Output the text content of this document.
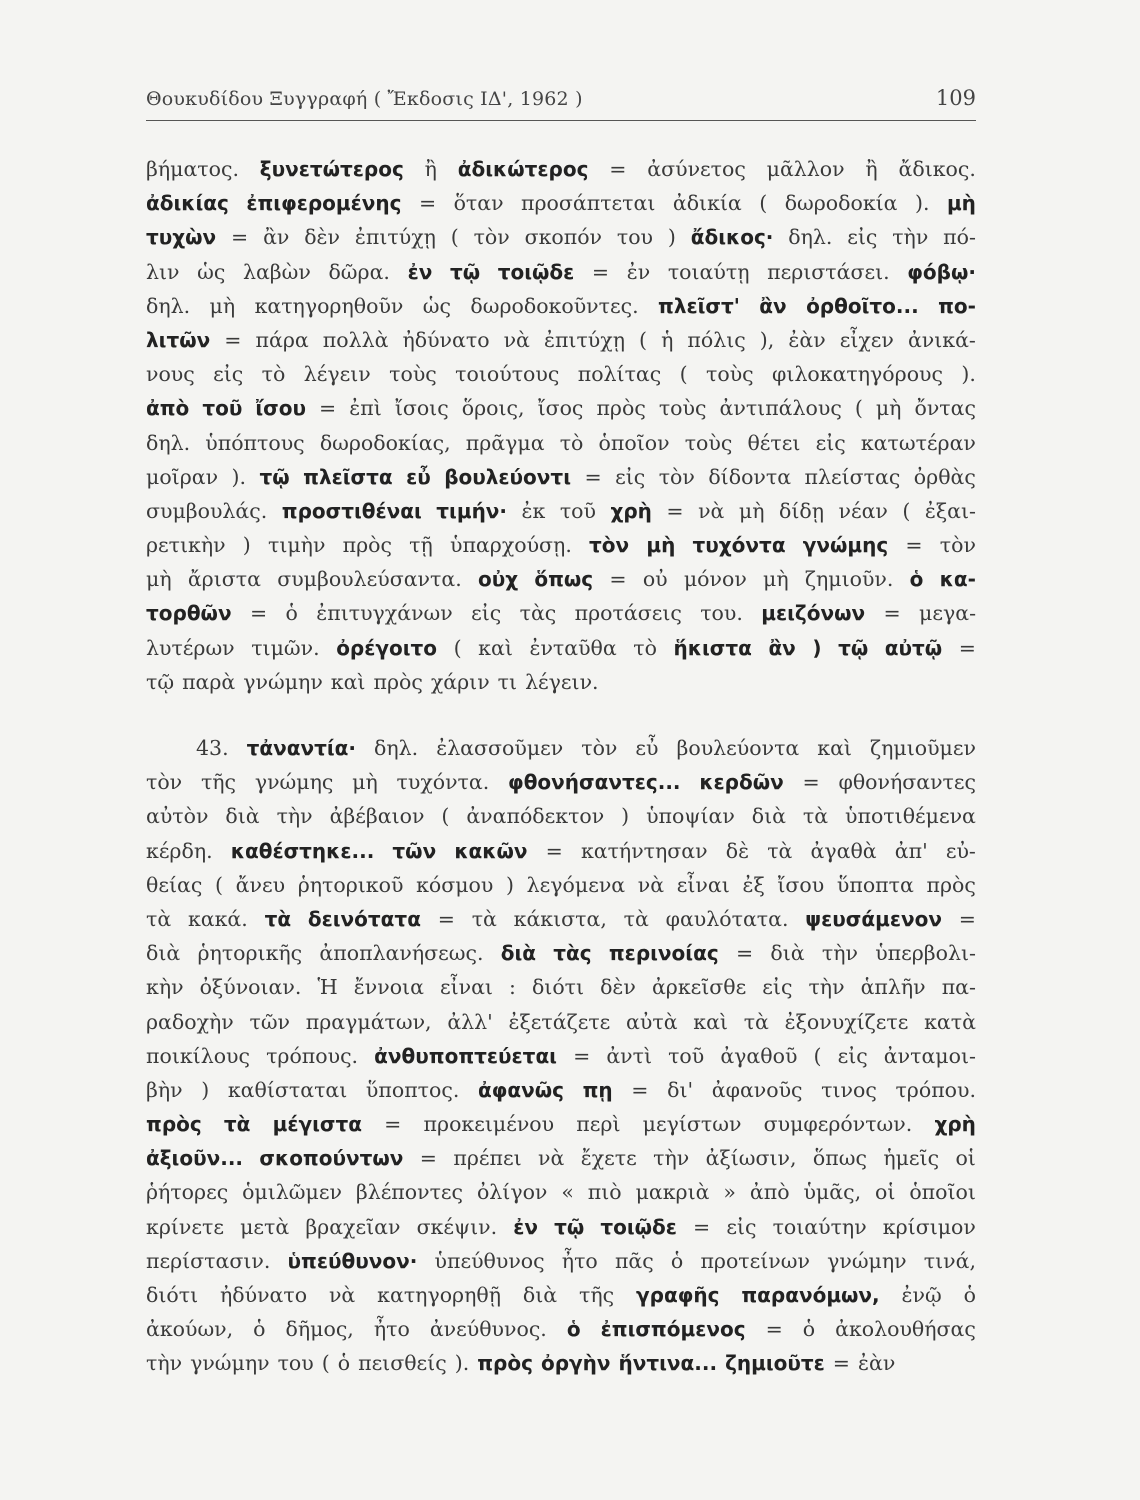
Θουκυδίδου Ξυγγραφή ( Ἔκδοσις ΙΔ', 1962 )	109
βήματος. ξυνετώτερος ἢ ἀδικώτερος = ἀσύνετος μᾶλλον ἢ ἄδικος.
ἀδικίας ἐπιφερομένης = ὅταν προσάπτεται ἀδικία ( δωροδοκία ). μὴ
τυχὼν = ἂν δὲν ἐπιτύχῃ ( τὸν σκοπόν του ) ἄδικος· δηλ. εἰς τὴν πό-
λιν ὡς λαβὼν δῶρα. ἐν τῷ τοιῷδε = ἐν τοιαύτῃ περιστάσει. φόβῳ·
δηλ. μὴ κατηγορηθοῦν ὡς δωροδοκοῦντες. πλεῖστ' ἂν ὀρθοῖτο... πο-
λιτῶν = πάρα πολλὰ ἠδύνατο νὰ ἐπιτύχῃ ( ἡ πόλις ), ἐὰν εἶχεν ἀνικά-
νους εἰς τὸ λέγειν τοὺς τοιούτους πολίτας ( τοὺς φιλοκατηγόρους ).
ἀπὸ τοῦ ἴσου = ἐπὶ ἴσοις ὅροις, ἴσος πρὸς τοὺς ἀντιπάλους ( μὴ ὄντας
δηλ. ὑπόπτους δωροδοκίας, πρᾶγμα τὸ ὁποῖον τοὺς θέτει εἰς κατωτέραν
μοῖραν ). τῷ πλεῖστα εὖ βουλεύοντι = εἰς τὸν δίδοντα πλείστας ὀρθὰς
συμβουλάς. προστιθέναι τιμήν· ἐκ τοῦ χρὴ = νὰ μὴ δίδῃ νέαν ( ἐξαι-
ρετικὴν ) τιμὴν πρὸς τῇ ὑπαρχούσῃ. τὸν μὴ τυχόντα γνώμης = τὸν
μὴ ἄριστα συμβουλεύσαντα. οὐχ ὅπως = οὐ μόνον μὴ ζημιοῦν. ὁ κα-
τορθῶν = ὁ ἐπιτυγχάνων εἰς τὰς προτάσεις του. μειζόνων = μεγα-
λυτέρων τιμῶν. ὀρέγοιτο ( καὶ ἐνταῦθα τὸ ἥκιστα ἂν ) τῷ αὐτῷ =
τῷ παρὰ γνώμην καὶ πρὸς χάριν τι λέγειν.
43. τἀναντία· δηλ. ἐλασσοῦμεν τὸν εὖ βουλεύοντα καὶ ζημιοῦμεν
τὸν τῆς γνώμης μὴ τυχόντα. φθονήσαντες... κερδῶν = φθονήσαντες
αὐτὸν διὰ τὴν ἀβέβαιον ( ἀναπόδεκτον ) ὑποψίαν διὰ τὰ ὑποτιθέμενα
κέρδη. καθέστηκε... τῶν κακῶν = κατήντησαν δὲ τὰ ἀγαθὰ ἀπ' εὐ-
θείας ( ἄνευ ῥητορικοῦ κόσμου ) λεγόμενα νὰ εἶναι ἐξ ἴσου ὕποπτα πρὸς
τὰ κακά. τὰ δεινότατα = τὰ κάκιστα, τὰ φαυλότατα. ψευσάμενον =
διὰ ῥητορικῆς ἀποπλανήσεως. διὰ τὰς περινοίας = διὰ τὴν ὑπερβολι-
κὴν ὀξύνοιαν. Ἡ ἔννοια εἶναι : διότι δὲν ἀρκεῖσθε εἰς τὴν ἁπλῆν πα-
ραδοχὴν τῶν πραγμάτων, ἀλλ' ἐξετάζετε αὐτὰ καὶ τὰ ἐξονυχίζετε κατὰ
ποικίλους τρόπους. ἀνθυποπτεύεται = ἀντὶ τοῦ ἀγαθοῦ ( εἰς ἀνταμοι-
βὴν ) καθίσταται ὕποπτος. ἀφανῶς πῃ = δι' ἀφανοῦς τινος τρόπου.
πρὸς τὰ μέγιστα = προκειμένου περὶ μεγίστων συμφερόντων. χρὴ
ἀξιοῦν... σκοπούντων = πρέπει νὰ ἔχετε τὴν ἀξίωσιν, ὅπως ἡμεῖς οἱ
ῥήτορες ὁμιλῶμεν βλέποντες ὀλίγον « πιὸ μακριὰ » ἀπὸ ὑμᾶς, οἱ ὁποῖοι
κρίνετε μετὰ βραχεῖαν σκέψιν. ἐν τῷ τοιῷδε = εἰς τοιαύτην κρίσιμον
περίστασιν. ὑπεύθυνον· ὑπεύθυνος ἦτο πᾶς ὁ προτείνων γνώμην τινά,
διότι ἠδύνατο νὰ κατηγορηθῇ διὰ τῆς γραφῆς παρανόμων, ἐνῷ ὁ
ἀκούων, ὁ δῆμος, ἦτο ἀνεύθυνος. ὁ ἐπισπόμενος = ὁ ἀκολουθήσας
τὴν γνώμην του ( ὁ πεισθείς ). πρὸς ὀργὴν ἥντινα... ζημιοῦτε = ἐὰν
